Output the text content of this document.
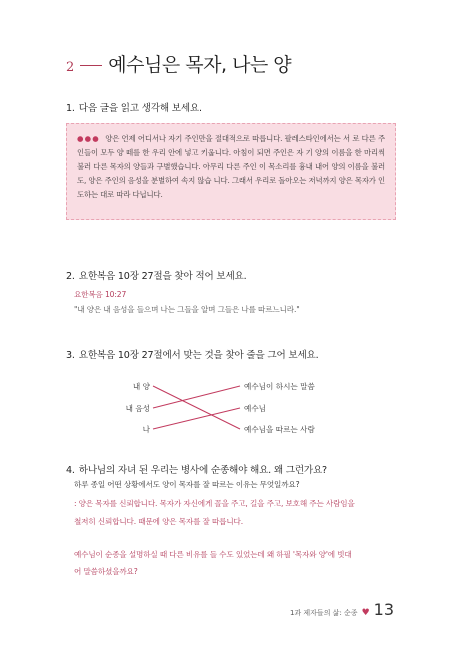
2 예수님은 목자, 나는 양
1. 다음 글을 읽고 생각해 보세요.
●●● 양은 언제 어디서나 자기 주인만을 절대적으로 따릅니다. 팔레스타인에서는 서 로 다른 주인들이 모두 양 떼를 한 우리 안에 넣고 키웁니다. 아침이 되면 주인은 자 기 양의 이름을 한 마리씩 불러 다른 목자의 양들과 구별했습니다. 아무리 다른 주인 이 목소리를 흉내 내어 양의 이름을 불러도, 양은 주인의 음성을 분별하여 속지 않습 니다. 그래서 우리로 돌아오는 저녁까지 양은 목자가 인도하는 대로 따라 다닙니다.
2. 요한복음 10장 27절을 찾아 적어 보세요.
요한복음 10:27
"내 양은 내 음성을 들으며 나는 그들을 알며 그들은 나를 따르느니라."
3. 요한복음 10장 27절에서 맞는 것을 찾아 줄을 그어 보세요.
내 양
내 음성
나
예수님이 하시는 말씀
예수님
예수님을 따르는 사람
4. 하나님의 자녀 된 우리는 병사에 순종해야 해요. 왜 그런가요?
하루 종일 어떤 상황에서도 양이 목자를 잘 따르는 이유는 무엇일까요?
: 양은 목자를 신뢰합니다. 목자가 자신에게 꼴을 주고, 길을 주고, 보호해 주는 사람임을
철저히 신뢰합니다. 때문에 양은 목자를 잘 따릅니다.
예수님이 순종을 설명하실 때 다른 비유를 들 수도 있었는데 왜 하필 '목자와 양'에 빗대
어 말씀하셨을까요?
1과 제자들의 삶: 순종 ♥ 13
